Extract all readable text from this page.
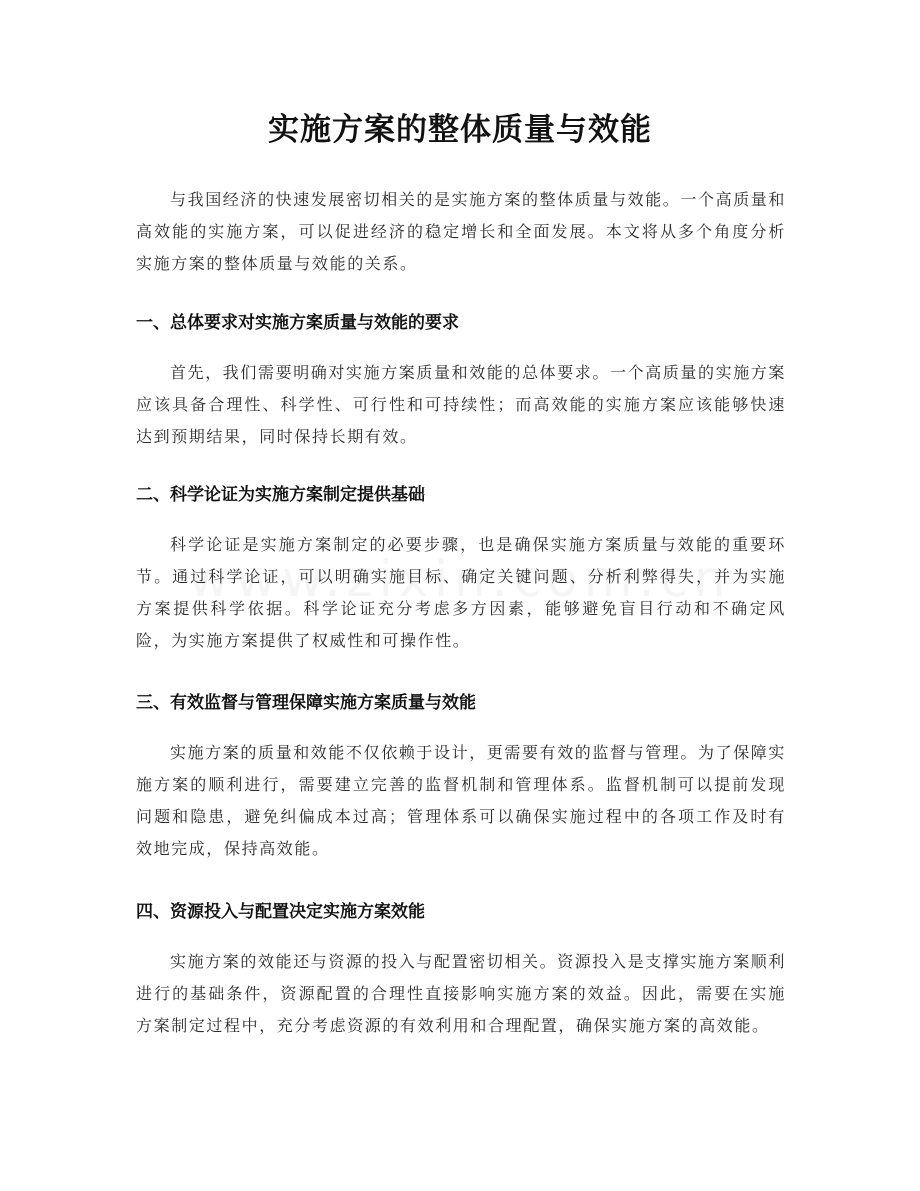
实施方案的整体质量与效能

与我国经济的快速发展密切相关的是实施方案的整体质量与效能。一个高质量和高效能的实施方案，可以促进经济的稳定增长和全面发展。本文将从多个角度分析实施方案的整体质量与效能的关系。

一、总体要求对实施方案质量与效能的要求

首先，我们需要明确对实施方案质量和效能的总体要求。一个高质量的实施方案应该具备合理性、科学性、可行性和可持续性；而高效能的实施方案应该能够快速达到预期结果，同时保持长期有效。

二、科学论证为实施方案制定提供基础

科学论证是实施方案制定的必要步骤，也是确保实施方案质量与效能的重要环节。通过科学论证，可以明确实施目标、确定关键问题、分析利弊得失，并为实施方案提供科学依据。科学论证充分考虑多方因素，能够避免盲目行动和不确定风险，为实施方案提供了权威性和可操作性。

三、有效监督与管理保障实施方案质量与效能

实施方案的质量和效能不仅依赖于设计，更需要有效的监督与管理。为了保障实施方案的顺利进行，需要建立完善的监督机制和管理体系。监督机制可以提前发现问题和隐患，避免纠偏成本过高；管理体系可以确保实施过程中的各项工作及时有效地完成，保持高效能。

四、资源投入与配置决定实施方案效能

实施方案的效能还与资源的投入与配置密切相关。资源投入是支撑实施方案顺利进行的基础条件，资源配置的合理性直接影响实施方案的效益。因此，需要在实施方案制定过程中，充分考虑资源的有效利用和合理配置，确保实施方案的高效能。
